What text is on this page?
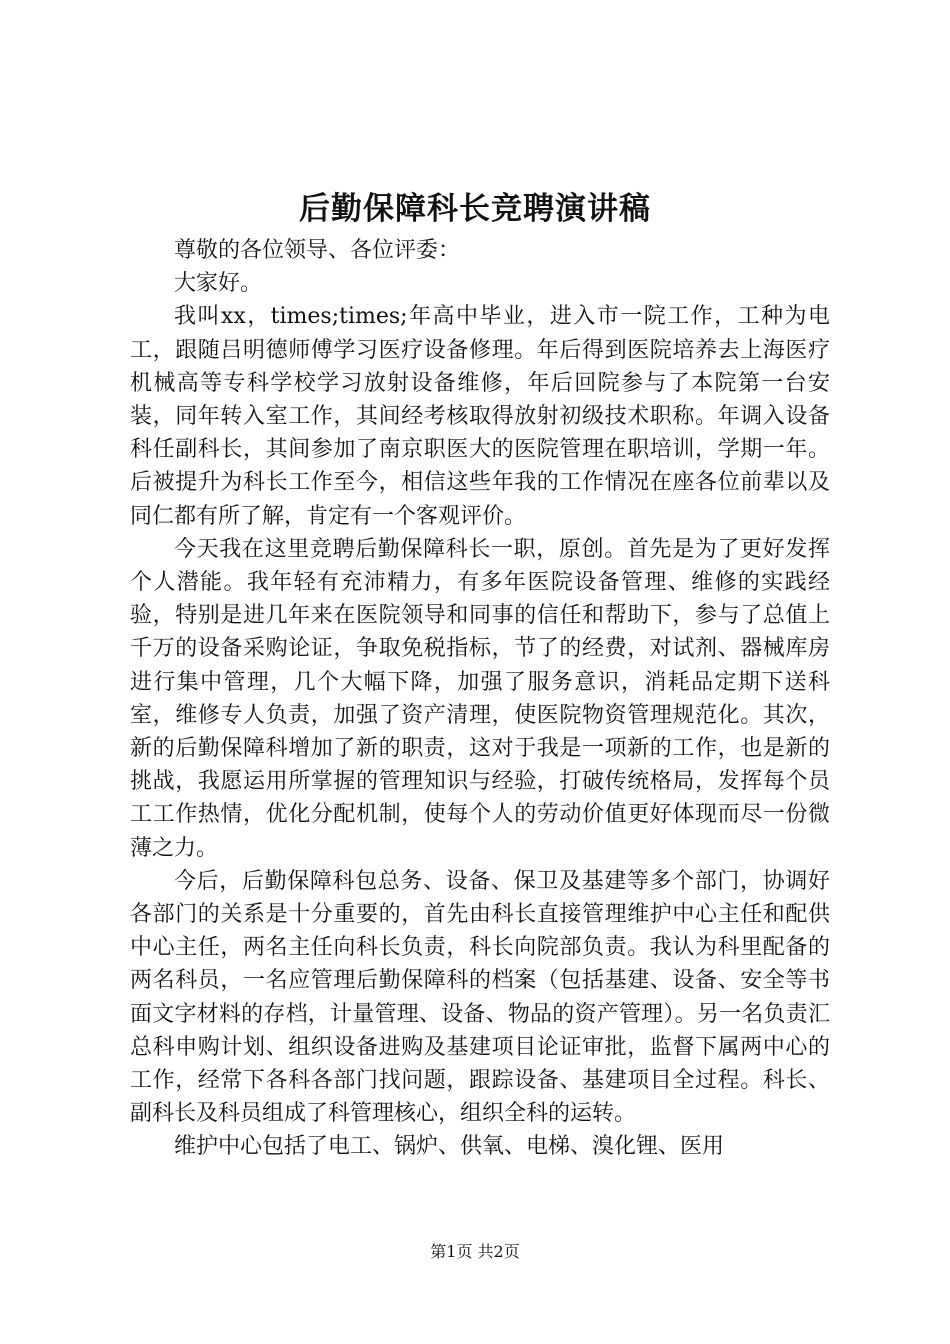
后勤保障科长竞聘演讲稿

尊敬的各位领导、各位评委：

大家好。

我叫xx，times;times;年高中毕业，进入市一院工作，工种为电工，跟随吕明德师傅学习医疗设备修理。年后得到医院培养去上海医疗机械高等专科学校学习放射设备维修，年后回院参与了本院第一台安装，同年转入室工作，其间经考核取得放射初级技术职称。年调入设备科任副科长，其间参加了南京职医大的医院管理在职培训，学期一年。后被提升为科长工作至今，相信这些年我的工作情况在座各位前辈以及同仁都有所了解，肯定有一个客观评价。

今天我在这里竞聘后勤保障科长一职，原创。首先是为了更好发挥个人潜能。我年轻有充沛精力，有多年医院设备管理、维修的实践经验，特别是进几年来在医院领导和同事的信任和帮助下，参与了总值上千万的设备采购论证，争取免税指标，节了的经费，对试剂、器械库房进行集中管理，几个大幅下降，加强了服务意识，消耗品定期下送科室，维修专人负责，加强了资产清理，使医院物资管理规范化。其次，新的后勤保障科增加了新的职责，这对于我是一项新的工作，也是新的挑战，我愿运用所掌握的管理知识与经验，打破传统格局，发挥每个员工工作热情，优化分配机制，使每个人的劳动价值更好体现而尽一份微薄之力。

今后，后勤保障科包总务、设备、保卫及基建等多个部门，协调好各部门的关系是十分重要的，首先由科长直接管理维护中心主任和配供中心主任，两名主任向科长负责，科长向院部负责。我认为科里配备的两名科员，一名应管理后勤保障科的档案（包括基建、设备、安全等书面文字材料的存档，计量管理、设备、物品的资产管理）。另一名负责汇总科申购计划、组织设备进购及基建项目论证审批，监督下属两中心的工作，经常下各科各部门找问题，跟踪设备、基建项目全过程。科长、副科长及科员组成了科管理核心，组织全科的运转。

维护中心包括了电工、锅炉、供氧、电梯、溴化锂、医用

第1页 共2页
